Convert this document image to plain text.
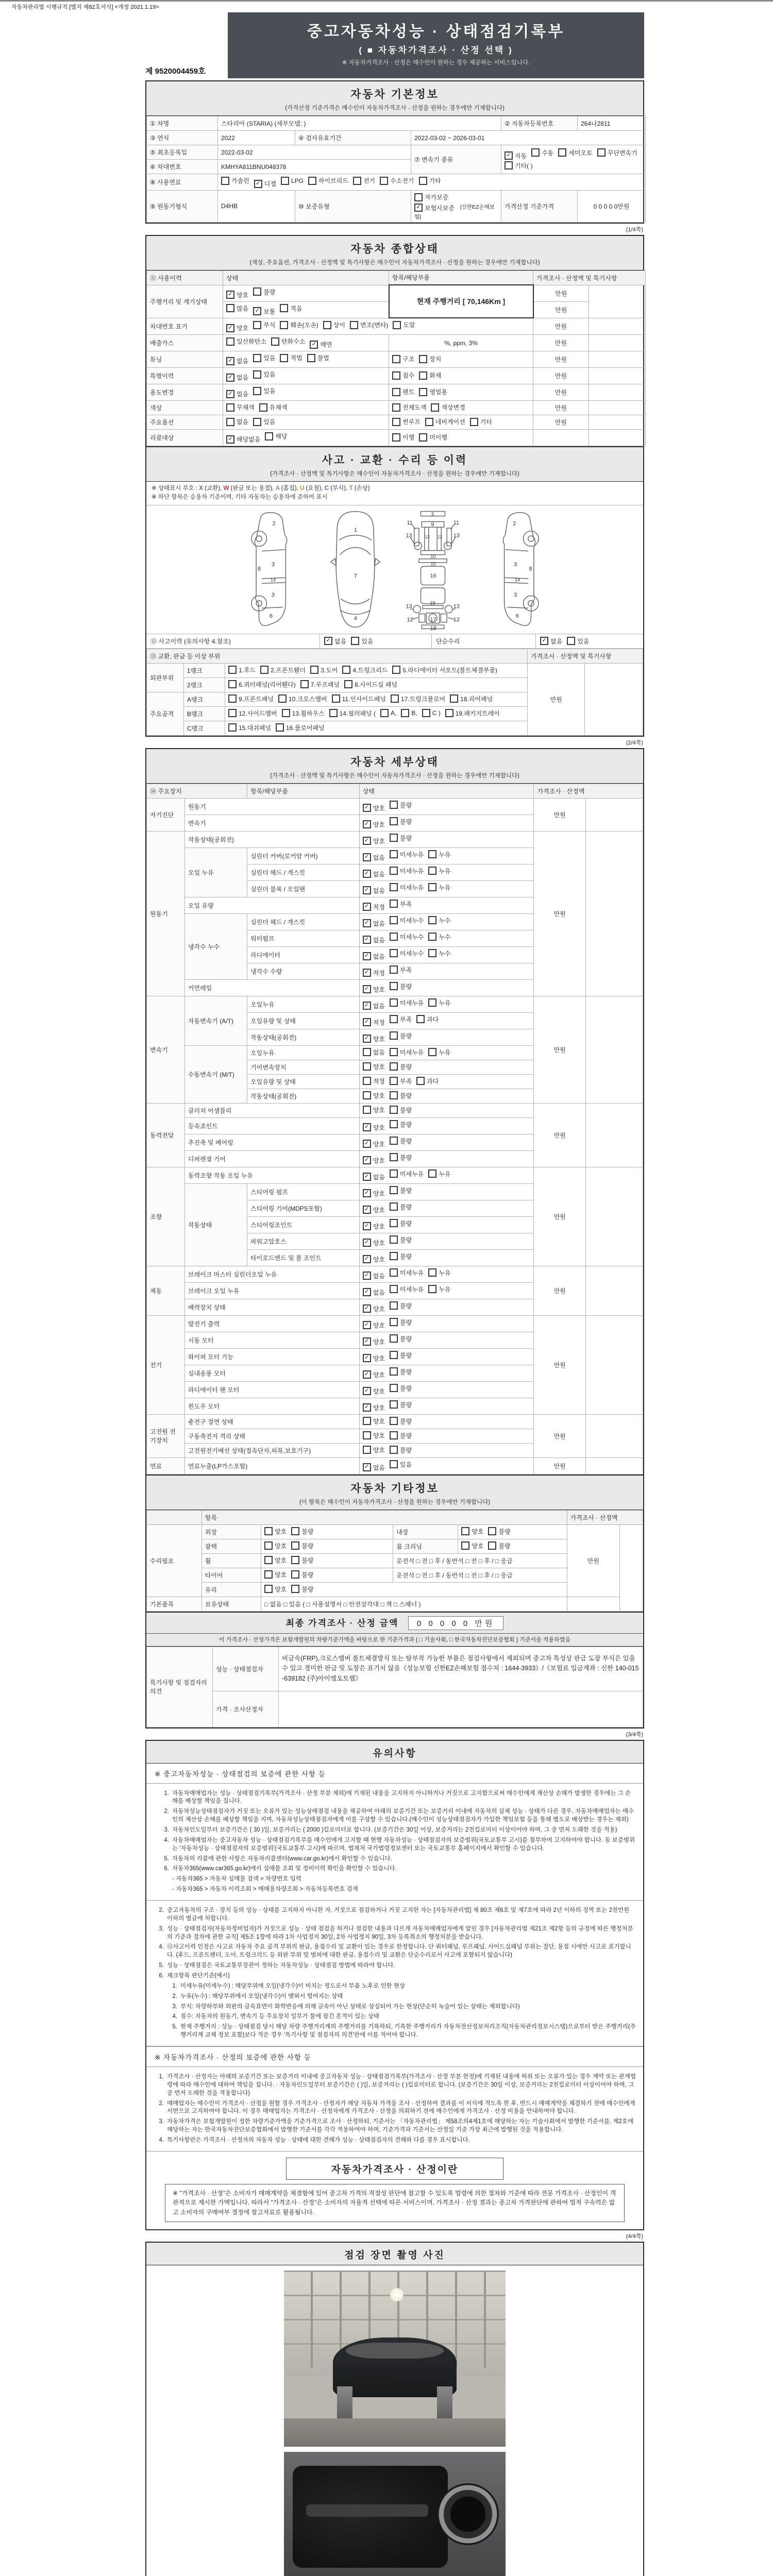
자동차관리법 시행규칙 [별지 제82호서식] <개정 2021.1.19>
중고자동차성능 · 상태점검기록부
( ■ 자동차가격조사 · 산정 선택 )
※ 자동차가격조사 · 산정은 매수인이 원하는 경우 제공하는 서비스입니다.
제 9520004459호
자동차 기본정보
(가격산정 기준가격은 매수인이 자동차가격조사 · 산정을 원하는 경우에만 기재합니다)
① 차명	스타리아 (STARIA) (세부모델: )			② 자동차등록번호	264나2811
③ 연식	2022	④ 검사유효기간	2022-03-02 ~ 2026-03-01		
⑤ 최초등록일	2022-03-02	⑦ 변속기 종류	
✓ 자동 수동 세미오토 무단변속기
기타( )

⑥ 차대번호	KMHYA811BNU048378				
⑧ 사용연료	가솔린	✓ 디젤 LPG 하이브리드 전기 수소전기 기타

⑨ 원동기형식	D4HB	⑩ 보증유형	자가보증
✓ 보험사보증 [신한EZ손해보험]	가격산정 기준가격	0 0 0 0 0만원
(1/4쪽)
자동차 종합상태
(색상, 주요옵션, 가격조사 · 산정액 및 특기사항은 매수인이 자동차가격조사 · 산정을 원하는 경우에만 기재합니다)
⑪ 사용이력	상태	항목/해당부품	가격조사 · 산정액 및 특기사항	
주행거리 및 계기상태	✓ 양호 불량	현재 주행거리 [ 70,146Km ]	만원	

	많음 ✓ 보통 적음		만원	
차대번호 표기	✓ 양호 부식 훼손(오손) 상이 변조(변타) 도말	만원	
배출가스	일산화탄소 탄화수소 ✓ 매연	%, ppm, 3%	만원	
튜닝	✓ 없음 있음 적법 불법	구조 장치	만원	
특별이력	✓ 없음 있음	침수 화재	만원	
용도변경	✓ 없음 있음	렌트 영업용	만원	
색상	무채색 유채색	전체도색 색상변경	만원	
주요옵션	없음 있음	썬루프 네비게이션 기타	만원	
리콜대상	✓ 해당없음 해당	이행 미이행		

사고 · 교환 · 수리 등 이력
(가격조사 · 산정액 및 특기사항은 매수인이 자동차가격조사 · 산정을 원하는 경우에만 기재합니다)
※ 상태표시 부호 : X (교환), W (판금 또는 용접), A (흠집), U (요철), C (부식), T (손상)
※ 하단 항목은 승용차 기준이며, 기타 자동차는 승용차에 준하여 표시
2
8
3
14
3
6
1
7
4
5
11	9	11
13	12 12 13
10
15
16
13
19
13
12	17	12
18
2
8
3
14
3
6
⑫ 사고이력 (유의사항 4.참조)	✓ 없음 있음	단순수리	✓ 없음 있음
⑬ 교환, 판금 등 이상 부위			가격조사 · 산정액 및 특기사항	
외판부위	1랭크	1.후드 2.프론트휀더 3.도어 4.트렁크리드 5.라디에이터 서포트(볼트체결부품)	만원	
	2랭크	6.쿼터패널(리어휀다) 7.루프패널 8.사이드실 패널		

주요골격	A랭크	9.프론트패널 10.크로스멤버 11.인사이드패널 17.트렁크플로어 18.리어패널		

B랭크	12.사이드멤버 13.휠하우스 14.필러패널 ( A, B, C ) 19.패키지트레이

	C랭크	15.대쉬패널 16.플로어패널		
(2/4쪽)
자동차 세부상태
(가격조사 · 산정액 및 특기사항은 매수인이 자동차가격조사 · 산정을 원하는 경우에만 기재합니다)
⑭ 주요장치		항목/해당부품	상태	가격조사 · 산정액	
자기진단	원동기		✓ 양호 불량	만원	
	변속기		✓ 양호 불량		

원동기	작동상태(공회전)		✓ 양호 불량	만원	
	오일 누유	실린더 커버(로커암 커버)	✓ 없음 미세누유 누유		

		실린더 헤드 / 개스킷	✓ 없음 미세누유 누유		

		실린더 블록 / 오일팬	✓ 없음 미세누유 누유		

	오일 유량		✓ 적정 부족		

	냉각수 누수	실린더 헤드 / 개스킷	✓ 없음 미세누수 누수		

		워터펌프	✓ 없음 미세누수 누수		

		라디에이터	✓ 없음 미세누수 누수		

		냉각수 수량	✓ 적정 부족		

	커먼레일		✓ 양호 불량		

변속기	자동변속기 (A/T)	오일누유	✓ 없음 미세누유 누유	만원	
		오일유량 및 상태	✓ 적정 부족 과다		

		작동상태(공회전)	✓ 양호 불량		

	수동변속기 (M/T)	오일누유	없음 미세누유 누유		

		기어변속장치	양호 불량		

		오일유량 및 상태	적정 부족 과다		

		작동상태(공회전)	양호 불량		

동력전달	클러치 어셈블리		양호 불량	만원	
	등속죠인트		✓ 양호 불량		

	추진축 및 베어링		✓ 양호 불량		

	디퍼렌셜 기어		✓ 양호 불량		

조향	동력조향 작동 오일 누유		✓ 없음 미세누유 누유	만원	
	작동상태	스티어링 펌프	✓ 양호 불량		

		스티어링 기어(MDPS포함)	✓ 양호 불량		

		스티어링조인트	✓ 양호 불량		

		파워고압호스	✓ 양호 불량		

		타이로드엔드 및 볼 조인트	✓ 양호 불량		

제동	브레이크 마스터 실린더오일 누유		✓ 없음 미세누유 누유	만원	
	브레이크 오일 누유		✓ 없음 미세누유 누유		

	배력장치 상태		✓ 양호 불량		

전기	발전기 출력		✓ 양호 불량	만원	
	시동 모터		✓ 양호 불량		

	와이퍼 모터 기능		✓ 양호 불량		

	실내송풍 모터		✓ 양호 불량		

	라디에이터 팬 모터		✓ 양호 불량		

	윈도우 모터		✓ 양호 불량		

고전원 전기장치	충전구 절연 상태		양호 불량	만원	
	구동축전지 격리 상태		양호 불량		

	고전원전기배선 상태(접속단자,피복,보호기구)		양호 불량		

연료	연료누출(LP가스포함)		✓ 없음 있음	만원	
자동차 기타정보
(이 항목은 매수인이 자동차가격조사 · 산정을 원하는 경우에만 기재합니다)
	항목				가격조사 · 산정액	
수리필요	외장	양호 불량	내장	양호 불량	만원	
	광택	양호 불량	룸 크리닝	양호 불량		

	휠	양호 불량	운전석 □ 전 □ 후 / 동반석 □ 전 □ 후 / □ 응급			
	타이어	양호 불량	운전석 □ 전 □ 후 / 동반석 □ 전 □ 후 / □ 응급			
	유리	양호 불량				

기본품목	보유상태	□ 없음 □ 있음 ( □ 사용설명서 □ 안전삼각대 □ 잭 □ 스패너 )				
최종 가격조사 · 산정 금액 0 0 0 0 0 만원
이 가격조사 · 산정가격은 보험개발원의 차량기준가액을 바탕으로 한 기준가격과 ( □ 기술사회, □ 한국자동차진단보증협회 ) 기준서를 적용하였음
특기사항 및 점검자의 의견	성능 · 상태점검자	비금속(FRP),크로스멤버 볼트체결방식 또는 탈부착 가능한 부품은 점검사항에서 제외되며 중고차 특성상 판금 도장 부식은 있을 수 있고 경미한 판금 및 도장은 표기치 않음《성능보험 신한EZ손해보험 접수처 : 1644-3933》/《보험료 입금계좌 : 신한 140-015-639182 (주)아이엠오토랩》
	가격 · 조사산정자	
(3/4쪽)
유의사항
※ 중고자동차성능 · 상태점검의 보증에 관한 사항 등
1. 자동차매매업자는 성능 · 상태점검기록부(가격조사 · 산정 부분 제외)에 기재된 내용을 고지하지 아니하거나 거짓으로 고지함으로써 매수인에게 재산상 손해가 발생한 경우에는 그 손해를 배상할 책임을 집니다.
2. 자동차성능상태점검자가 거짓 또는 오류가 있는 성능상태점검 내용을 제공하여 아래의 보증기간 또는 보증거리 이내에 자동차의 실제 성능 · 상태가 다른 경우, 자동차매매업자는 매수인의 재산상 손해를 배상할 책임을 지며, 자동차성능상태점검자에게 이를 구상할 수 있습니다.(매수인이 성능상태점검자가 가입한 책임보험 등을 통해 별도로 배상받는 경우는 제외)
3. 자동차인도일부터 보증기간은 ( 30 )일, 보증거리는 ( 2000 )킬로미터로 합니다. (보증기간은 30일 이상, 보증거리는 2천킬로미터 이상이어야 하며, 그 중 먼저 도래한 것을 적용)
4. 자동차매매업자는 중고자동차 성능 · 상태점검기록부를 매수인에게 고지할 때 현행 자동차성능 · 상태점검자의 보증범위(국토교통부 고시)를 첨부하여 고지하여야 합니다. 동 보증범위는 '자동차성능 · 상태점검자의 보증범위'(국토교통부 고시)에 따르며, 법제처 국가법령정보센터 또는 국토교통부 홈페이지에서 확인할 수 있습니다.
5. 자동차의 리콜에 관한 사항은 자동차리콜센터(www.car.go.kr)에서 확인할 수 있습니다.
6. 자동차365(www.car365.go.kr)에서 실매물 조회 및 정비이력 확인을 확인할 수 있습니다.
- 자동차365 > 자동차 실매물 검색 > 차량번호 입력
- 자동차365 > 자동차 이력조회 > 매매용차량조회 > 자동차등록번호 검색
2. 중고자동차의 구조 · 장치 등의 성능 · 상태를 고지하지 아니한 자, 거짓으로 점검하거나 거짓 고지한 자는 [자동차관리법] 제 80조 제6호 및 제7호에 따라 2년 이하의 징역 또는 2천만원 이하의 벌금에 처합니다.
3. 성능 · 상태점검자(자동차정비업자)가 거짓으로 성능 · 상태 점검을 하거나 점검한 내용과 다르게 자동차매매업자에게 알린 경우 [자동차관리법 제21조 제2항 등의 규정에 따른 행정처분의 기준과 절차에 관한 규칙] 제5조 1항에 따라 1차 사업정지 30일, 2차 사업정지 90일, 3차 등록취소의 행정처분을 받습니다.
4. ⑫사고이력 인정은 사고로 자동차 주요 골격 부위의 판금, 용접수리 및 교환이 있는 경우로 한정합니다. 단 쿼터패널, 루프패널, 사이드실패널 부위는 절단, 용접 시에만 사고로 표기합니다. (후드, 프론트펜더, 도어, 트렁크리드 등 외판 부위 및 범퍼에 대한 판금, 용접수리 및 교환은 단순수리로서 사고에 포함되지 않습니다)
5. 성능 · 상태점검은 국토교통부장관이 정하는 자동차성능 · 상태점검 방법에 따라야 합니다.
6. 체크항목 판단기준(예시)
1. 미세누유(미세누수) : 해당부위에 오일(냉각수)이 비치는 정도로서 부품 노후로 인한 현상
2. 누유(누수) : 해당부위에서 오일(냉각수)이 맺혀서 떨어지는 상태
3. 부식: 차량하부와 외판의 금속표면이 화학반응에 의해 금속이 아닌 상태로 상실되어 가는 현상(단순히 녹슬어 있는 상태는 제외합니다)
4. 침수: 자동차의 원동기, 변속기 등 주요장치 일부가 물에 잠긴 흔적이 있는 상태
5. 현재 주행거리 : 성능 · 상태점검 당시 해당 차량 주행거리계의 주행거리를 기록하되, 기록한 주행거리가 자동차전산정보처리조직(자동차관리정보시스템)으로부터 받은 주행거리(주행거리계 교체 정보 포함)보다 적은 경우 '특기사항 및 점검자의 의견'란에 이를 적어야 합니다.
※ 자동차가격조사 · 산정의 보증에 관한 사항 등
1. 가격조사 · 산정자는 아래의 보증기간 또는 보증거리 이내에 중고자동차 성능 · 상태점검기록부(가격조사 · 산정 부분 한정)에 기재된 내용에 허위 또는 오류가 있는 경우 계약 또는 관계법령에 따라 매수인에 대하여 책임을 집니다. · 자동차인도일부터 보증기간은 ( )일, 보증거리는 ( )킬로미터로 합니다. (보증기간은 30일 이상, 보증거리는 2천킬로미터 이상이어야 하며, 그 중 먼저 도래한 것을 적용합니다)
2. 매매업자는 매수인이 가격조사 · 산정을 원할 경우 가격조사 · 산정자가 해당 자동차 가격을 조사 · 산정하여 결과를 이 서식에 적도록 한 후, 반드시 매매계약을 체결하기 전에 매수인에게 서면으로 고지하여야 합니다. 이 경우 매매업자는 가격조사 · 산정자에게 가격조사 · 산정을 의뢰하기 전에 매수인에게 가격조사 · 산정 비용을 안내하여야 합니다.
3. 자동차가격은 보험개발원이 정한 차량기준가액을 기준가격으로 조사 · 산정하되, 기준서는 「자동차관리법」 제58조의4제1호에 해당하는 자는 기술사회에서 발행한 기준서를, 제2호에 해당하는 자는 한국자동차진단보증협회에서 발행한 기준서를 각각 적용하여야 하며, 기준가격과 기준서는 산정일 기준 가장 최근에 발행된 것을 적용합니다.
4. 특기사항란은 가격조사 · 산정자의 자동차 성능 · 상태에 대한 견해가 성능 · 상태점검자의 견해와 다를 경우 표시합니다.
자동차가격조사 · 산정이란
※ "가격조사 · 산정"은 소비자가 매매계약을 체결함에 있어 중고차 가격의 적절성 판단에 참고할 수 있도록 법령에 의한 절차와 기준에 따라 전문 가격조사 · 산정인이 객관적으로 제시한 가액입니다. 따라서 "가격조사 · 산정"은 소비자의 자율적 선택에 따른 서비스이며, 가격조사 · 산정 결과는 중고차 가격판단에 관하여 법적 구속력은 없고 소비자의 구매여부 결정에 참고자료로 활용됩니다.
(4/4쪽)
점검 장면 촬영 사진
